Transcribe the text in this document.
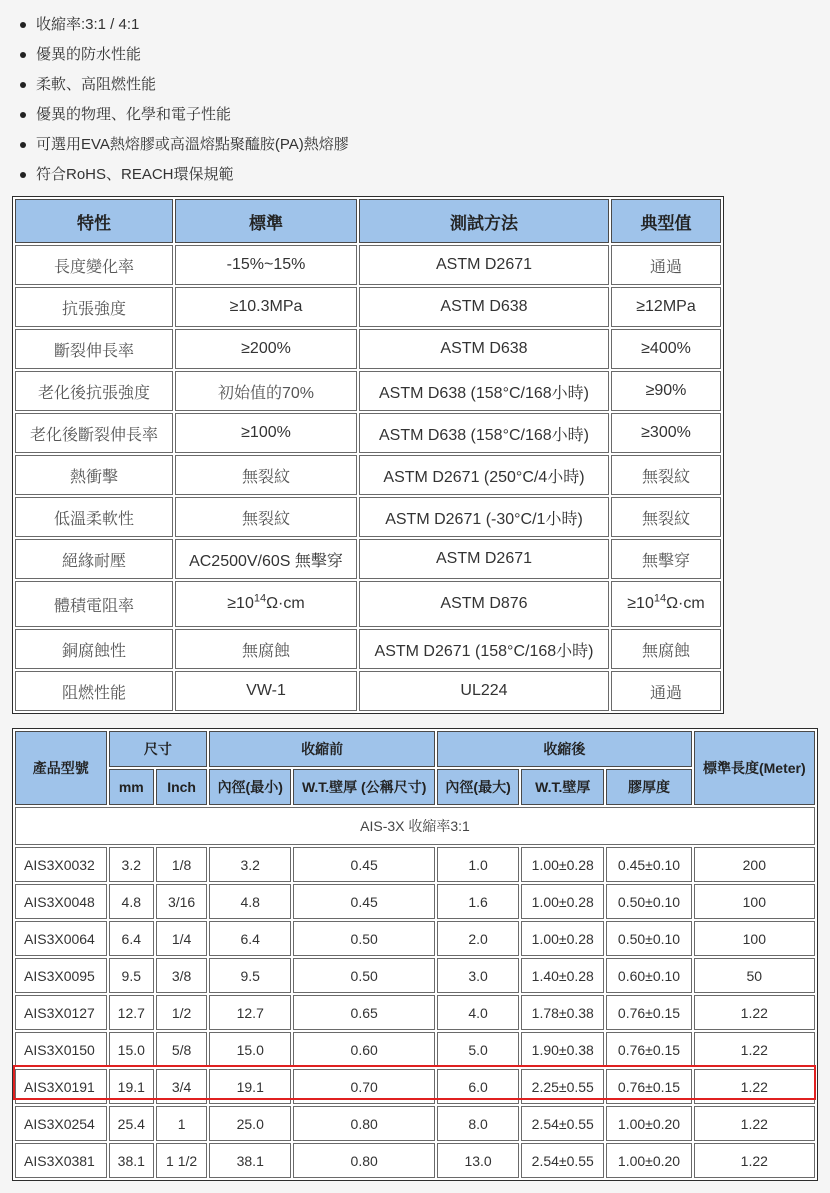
收縮率:3:1 / 4:1
優異的防水性能
柔軟、高阻燃性能
優異的物理、化學和電子性能
可選用EVA熱熔膠或高溫熔點聚醯胺(PA)熱熔膠
符合RoHS、REACH環保規範
特性	標準	測試方法	典型值
長度變化率	-15%~15%	ASTM D2671	通過
抗張強度	≥10.3MPa	ASTM D638	≥12MPa
斷裂伸長率	≥200%	ASTM D638	≥400%
老化後抗張強度	初始值的70%	ASTM D638 (158°C/168小時)	≥90%
老化後斷裂伸長率	≥100%	ASTM D638 (158°C/168小時)	≥300%
熱衝擊	無裂紋	ASTM D2671 (250°C/4小時)	無裂紋
低溫柔軟性	無裂紋	ASTM D2671 (-30°C/1小時)	無裂紋
絕緣耐壓	AC2500V/60S 無擊穿	ASTM D2671	無擊穿
體積電阻率	$\ge 10^{14}\Omega\cdot cm$	ASTM D876	$\ge 10^{14}\Omega\cdot cm$
銅腐蝕性	無腐蝕	ASTM D2671 (158°C/168小時)	無腐蝕
阻燃性能	VW-1	UL224	通過
產品型號	尺寸		收縮前		收縮後			標準長度(Meter)
	mm	Inch	內徑(最小)	W.T.壁厚 (公稱尺寸)	內徑(最大)	W.T.壁厚	膠厚度	
AIS-3X 收縮率3:1								
AIS3X0032	3.2	1/8	3.2	0.45	1.0	1.00±0.28	0.45±0.10	200
AIS3X0048	4.8	3/16	4.8	0.45	1.6	1.00±0.28	0.50±0.10	100
AIS3X0064	6.4	1/4	6.4	0.50	2.0	1.00±0.28	0.50±0.10	100
AIS3X0095	9.5	3/8	9.5	0.50	3.0	1.40±0.28	0.60±0.10	50
AIS3X0127	12.7	1/2	12.7	0.65	4.0	1.78±0.38	0.76±0.15	1.22
AIS3X0150	15.0	5/8	15.0	0.60	5.0	1.90±0.38	0.76±0.15	1.22
AIS3X0191	19.1	3/4	19.1	0.70	6.0	2.25±0.55	0.76±0.15	1.22
AIS3X0254	25.4	1	25.0	0.80	8.0	2.54±0.55	1.00±0.20	1.22
AIS3X0381	38.1	1 1/2	38.1	0.80	13.0	2.54±0.55	1.00±0.20	1.22
